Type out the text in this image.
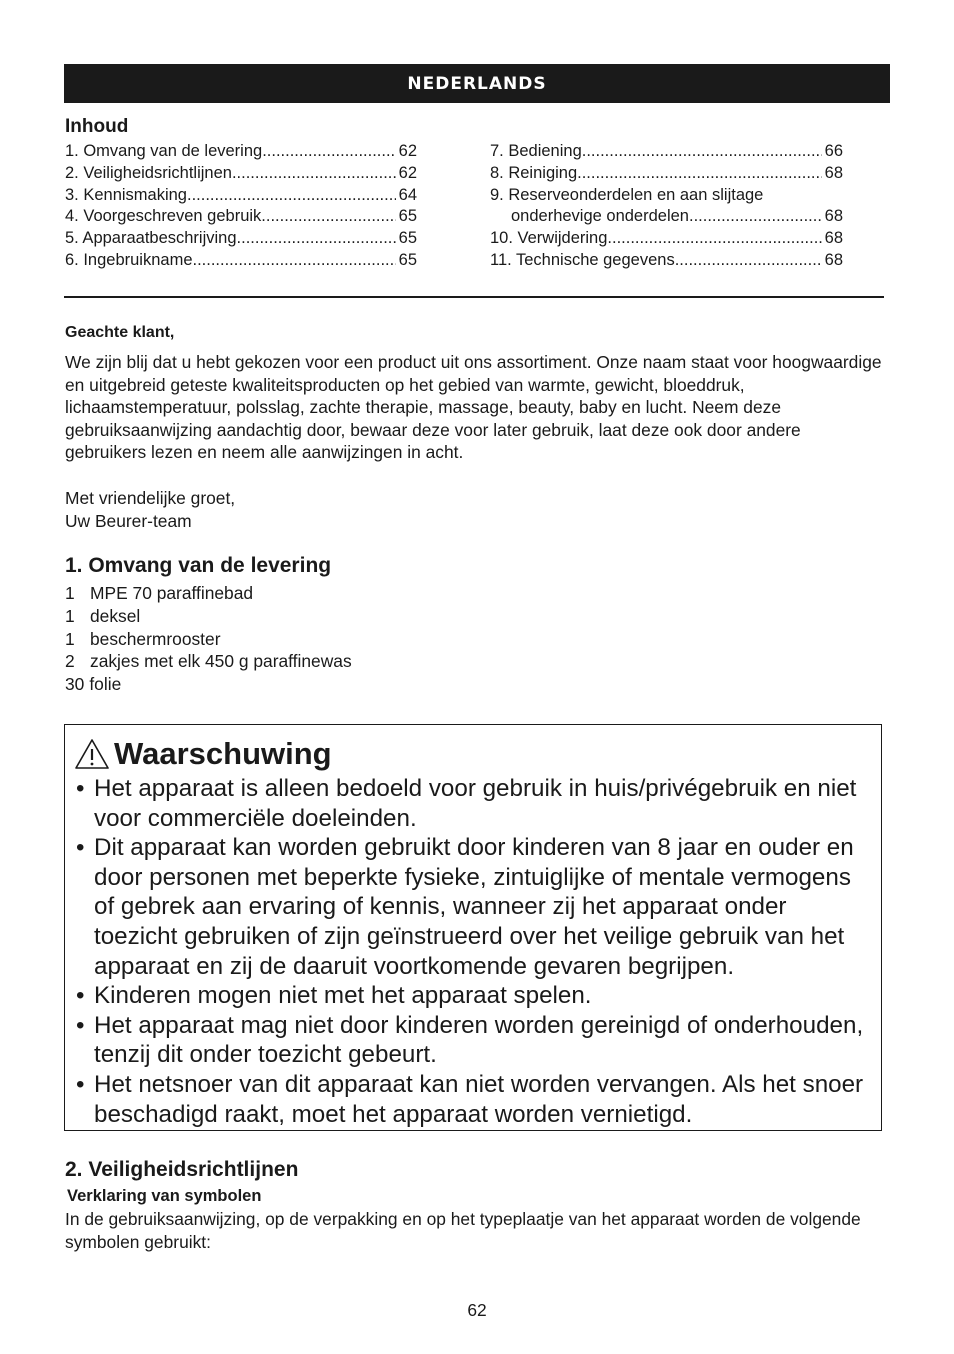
NEDERLANDS
Inhoud
1. Omvang van de levering .....	62
2. Veiligheidsrichtlijnen .....	62
3. Kennismaking .....	64
4. Voorgeschreven gebruik .....	65
5. Apparaatbeschrijving .....	65
6. Ingebruikname .....	65
7. Bediening .....	66
8. Reiniging .....	68
9. Reserveonderdelen en aan slijtage
onderhevige onderdelen .....	68
10. Verwijdering .....	68
11. Technische gegevens .....	68
Geachte klant,

We zijn blij dat u hebt gekozen voor een product uit ons assortiment. Onze naam staat voor hoogwaardige en uitgebreid geteste kwaliteitsproducten op het gebied van warmte, gewicht, bloeddruk, lichaamstemperatuur, polsslag, zachte therapie, massage, beauty, baby en lucht. Neem deze gebruiksaanwijzing aandachtig door, bewaar deze voor later gebruik, laat deze ook door andere gebruikers lezen en neem alle aanwijzingen in acht.

Met vriendelijke groet,
Uw Beurer-team
1. Omvang van de levering
1 MPE 70 paraffinebad
1 deksel
1 beschermrooster
2 zakjes met elk 450 g paraffinewas
30 folie
Waarschuwing
• Het apparaat is alleen bedoeld voor gebruik in huis/privégebruik en niet voor commerciële doeleinden.
• Dit apparaat kan worden gebruikt door kinderen van 8 jaar en ouder en door personen met beperkte fysieke, zintuiglijke of mentale vermogens of gebrek aan ervaring of kennis, wanneer zij het apparaat onder toezicht gebruiken of zijn geïnstrueerd over het veilige gebruik van het apparaat en zij de daaruit voortkomende gevaren begrijpen.
• Kinderen mogen niet met het apparaat spelen.
• Het apparaat mag niet door kinderen worden gereinigd of onderhouden, tenzij dit onder toezicht gebeurt.
• Het netsnoer van dit apparaat kan niet worden vervangen. Als het snoer beschadigd raakt, moet het apparaat worden vernietigd.
2. Veiligheidsrichtlijnen
Verklaring van symbolen

In de gebruiksaanwijzing, op de verpakking en op het typeplaatje van het apparaat worden de volgende symbolen gebruikt:

62
